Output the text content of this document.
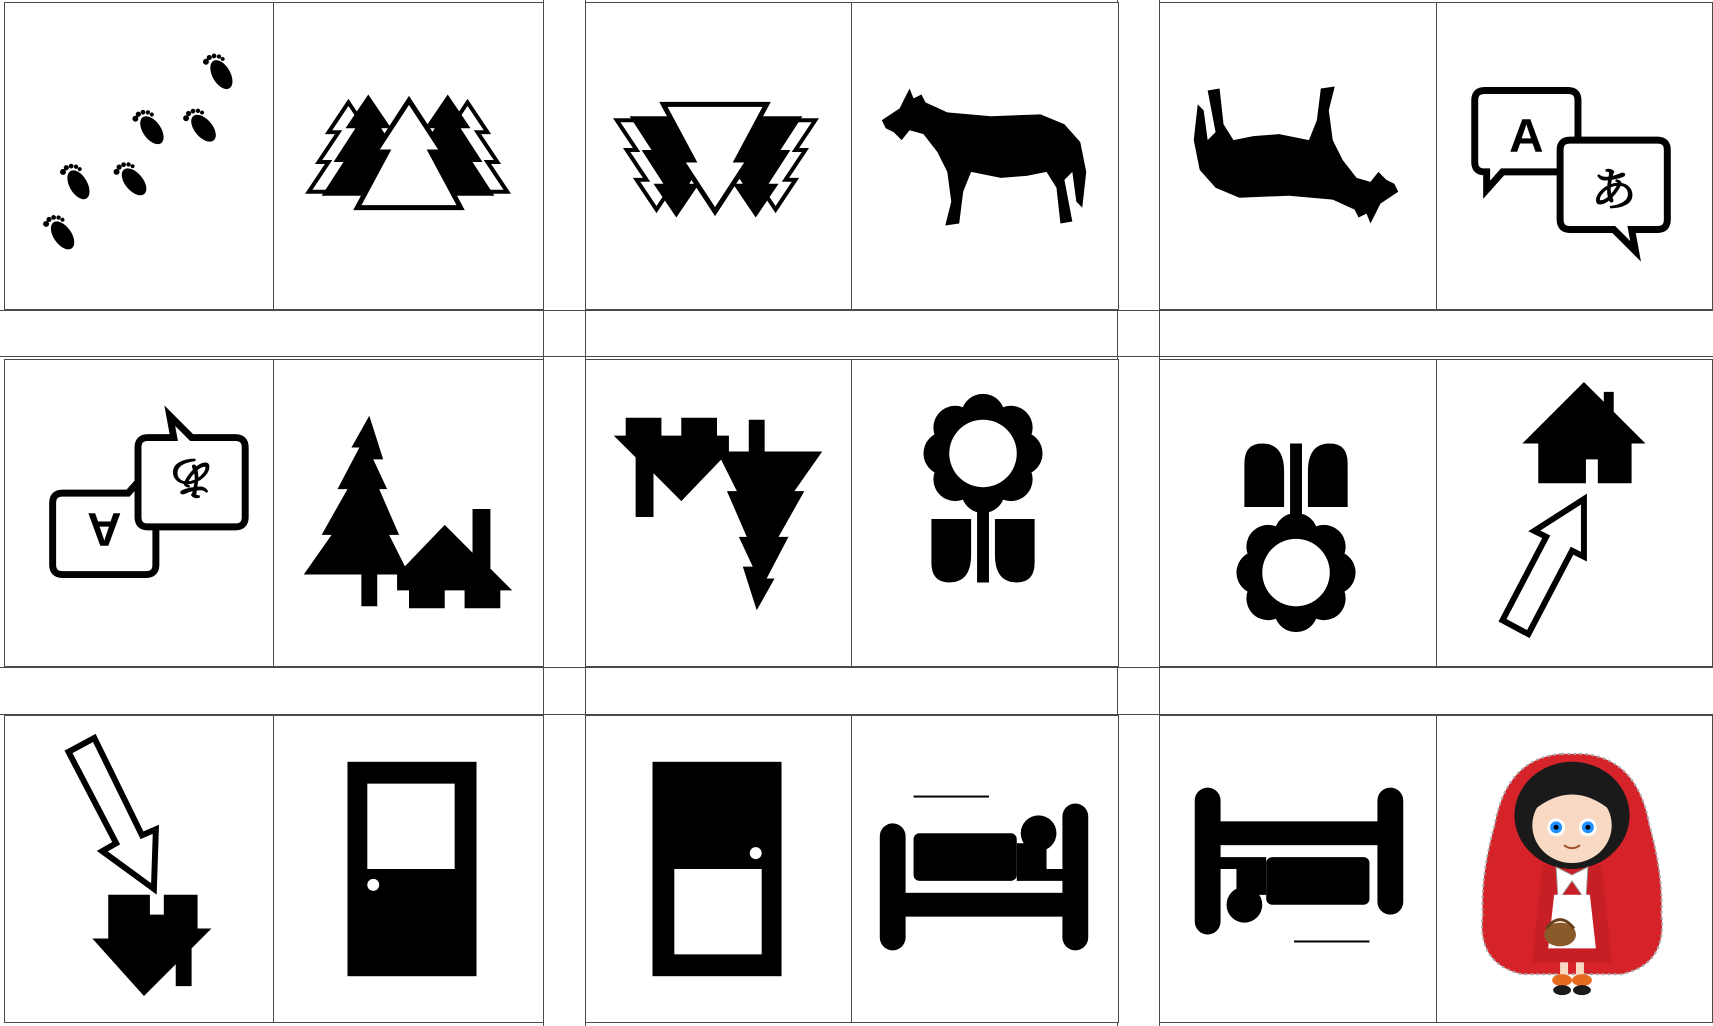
A
あ
A
あ
